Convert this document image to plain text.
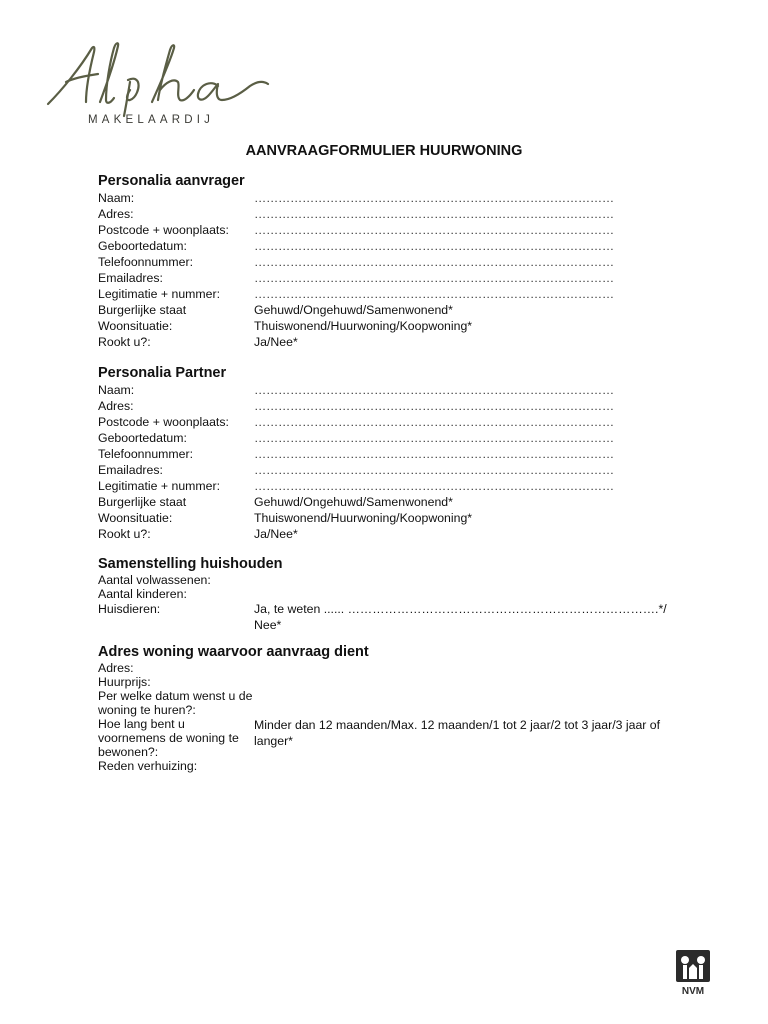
MAKELAARDIJ
AANVRAAGFORMULIER HUURWONING
Personalia aanvrager
Naam:	………………………………………………………………………………
Adres:	………………………………………………………………………………
Postcode + woonplaats:	………………………………………………………………………………
Geboortedatum:	………………………………………………………………………………
Telefoonnummer:	………………………………………………………………………………
Emailadres:	………………………………………………………………………………
Legitimatie + nummer:	………………………………………………………………………………
Burgerlijke staat	Gehuwd/Ongehuwd/Samenwonend*
Woonsituatie:	Thuiswonend/Huurwoning/Koopwoning*
Rookt u?:	Ja/Nee*
Personalia Partner
Naam:	………………………………………………………………………………
Adres:	………………………………………………………………………………
Postcode + woonplaats:	………………………………………………………………………………
Geboortedatum:	………………………………………………………………………………
Telefoonnummer:	………………………………………………………………………………
Emailadres:	………………………………………………………………………………
Legitimatie + nummer:	………………………………………………………………………………
Burgerlijke staat	Gehuwd/Ongehuwd/Samenwonend*
Woonsituatie:	Thuiswonend/Huurwoning/Koopwoning*
Rookt u?:	Ja/Nee*
Samenstelling huishouden
Aantal volwassenen:
Aantal kinderen:
Huisdieren:	Ja, te weten ...... ………………………………………………………………….*/ Nee*
Adres woning waarvoor aanvraag dient
Adres:
Huurprijs:
Per welke datum wenst u de woning te huren?:
Hoe lang bent u voornemens de woning te bewonen?:
Minder dan 12 maanden/Max. 12 maanden/1 tot 2 jaar/2 tot 3 jaar/3 jaar of langer*
Reden verhuizing:
NVM
